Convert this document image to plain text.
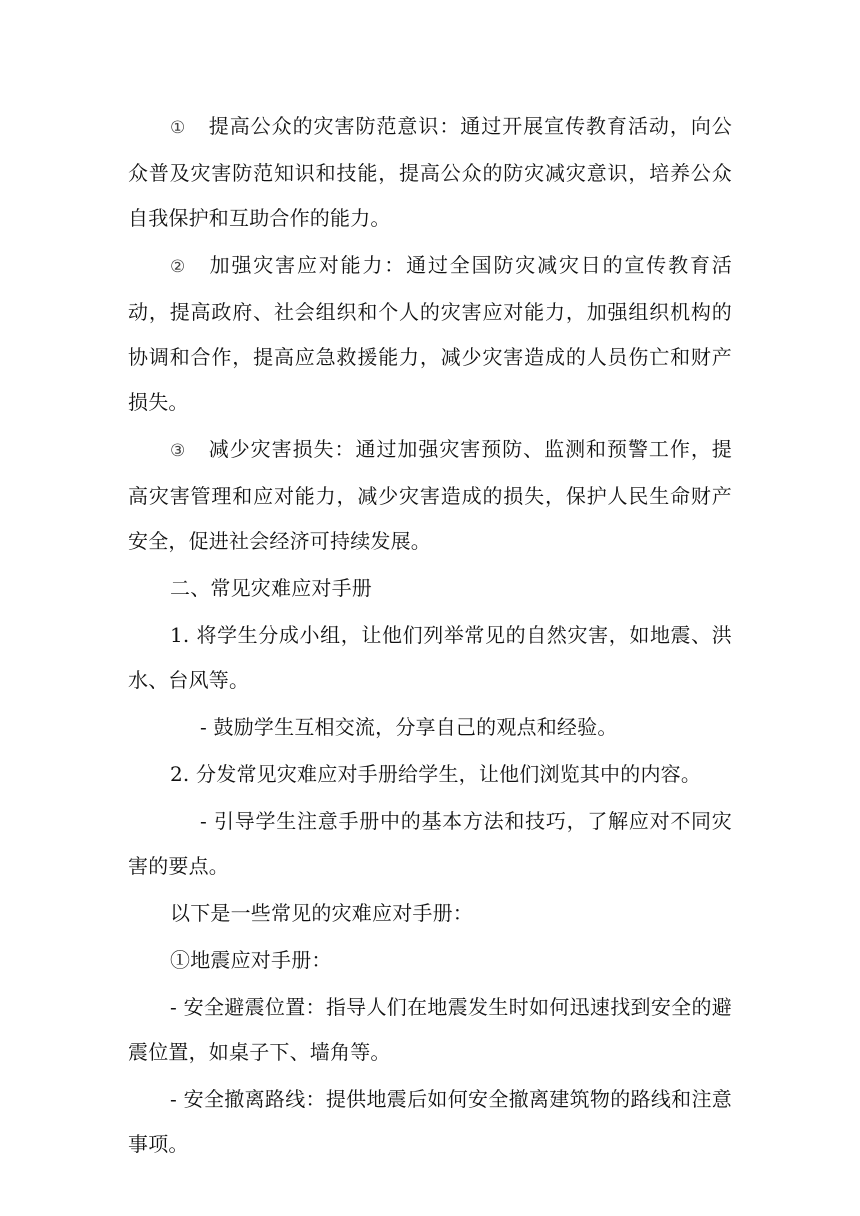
① 提高公众的灾害防范意识：通过开展宣传教育活动，向公众普及灾害防范知识和技能，提高公众的防灾减灾意识，培养公众自我保护和互助合作的能力。

② 加强灾害应对能力：通过全国防灾减灾日的宣传教育活动，提高政府、社会组织和个人的灾害应对能力，加强组织机构的协调和合作，提高应急救援能力，减少灾害造成的人员伤亡和财产损失。

③ 减少灾害损失：通过加强灾害预防、监测和预警工作，提高灾害管理和应对能力，减少灾害造成的损失，保护人民生命财产安全，促进社会经济可持续发展。

二、常见灾难应对手册

1. 将学生分成小组，让他们列举常见的自然灾害，如地震、洪水、台风等。

- 鼓励学生互相交流，分享自己的观点和经验。

2. 分发常见灾难应对手册给学生，让他们浏览其中的内容。

- 引导学生注意手册中的基本方法和技巧，了解应对不同灾害的要点。

以下是一些常见的灾难应对手册：

①地震应对手册：

- 安全避震位置：指导人们在地震发生时如何迅速找到安全的避震位置，如桌子下、墙角等。

- 安全撤离路线：提供地震后如何安全撤离建筑物的路线和注意事项。
